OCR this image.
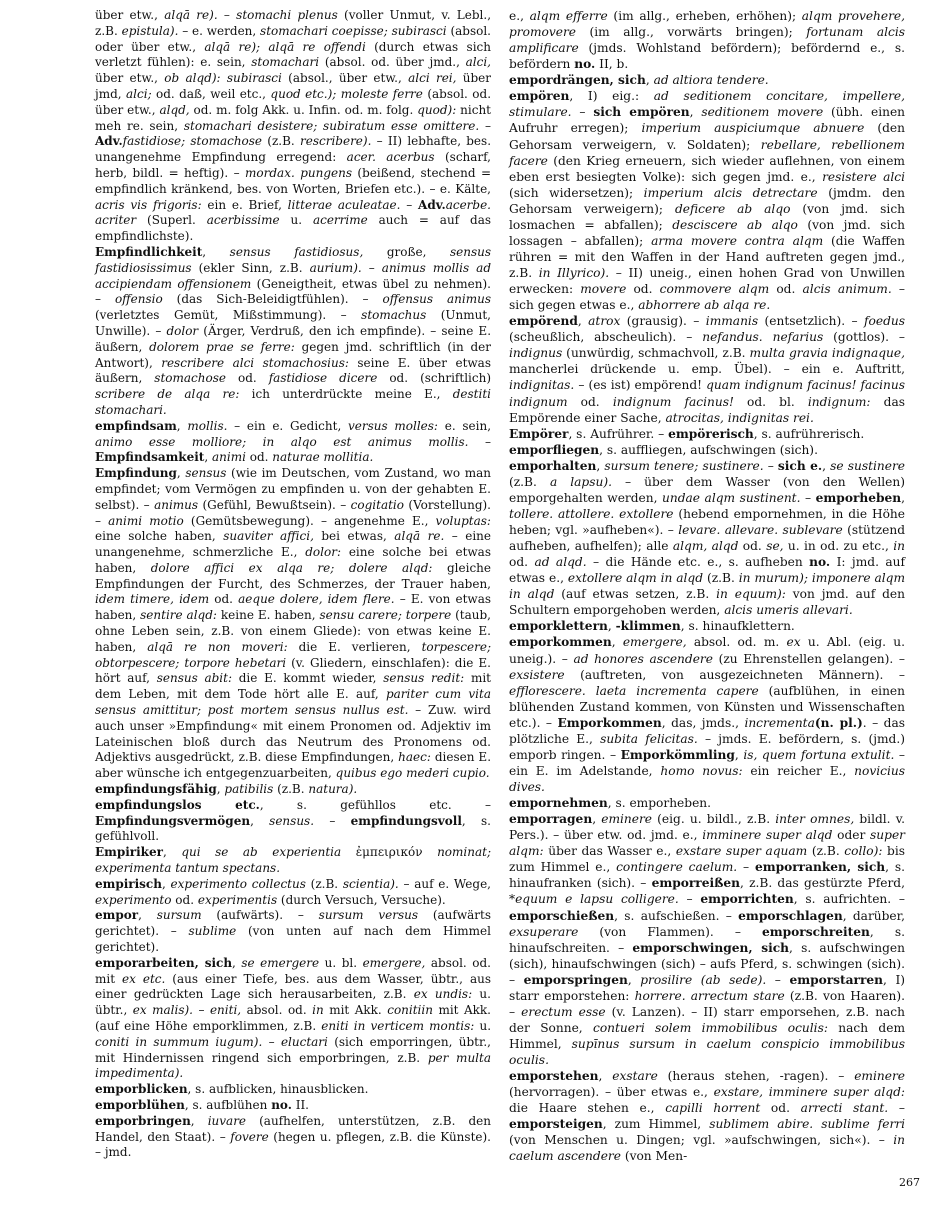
über etw., alqā re). – stomachi plenus (voller Unmut, v. Lebl., z.B. epistula). – e. werden, stomachari coepisse; subirasci (absol. oder über etw., alqā re); alqā re offendi (durch etwas sich verletzt fühlen): e. sein, stomachari (absol. od. über jmd., alci, über etw., ob alqd): subirasci (absol., über etw., alci rei, über jmd, alci; od. daß, weil etc., quod etc.); moleste ferre (absol. od. über etw., alqd, od. m. folg Akk. u. Infin. od. m. folg. quod): nicht meh re. sein, stomachari desistere; subiratum esse omittere. – Adv.fastidiose; stomachose (z.B. rescribere). – II) lebhafte, bes. unangenehme Empfindung erregend: acer. acerbus (scharf, herb, bildl. = heftig). – mordax. pungens (beißend, stechend = empfindlich kränkend, bes. von Worten, Briefen etc.). – e. Kälte, acris vis frigoris: ein e. Brief, litterae aculeatae. – Adv.acerbe. acriter (Superl. acerbissime u. acerrime auch = auf das empfindlichste).

Empfindlichkeit, sensus fastidiosus, große, sensus fastidiosissimus (ekler Sinn, z.B. aurium). – animus mollis ad accipiendam offensionem (Geneigtheit, etwas übel zu nehmen). – offensio (das Sich-Beleidigtfühlen). – offensus animus (verletztes Gemüt, Mißstimmung). – stomachus (Unmut, Unwille). – dolor (Ärger, Verdruß, den ich empfinde). – seine E. äußern, dolorem prae se ferre: gegen jmd. schriftlich (in der Antwort), rescribere alci stomachosius: seine E. über etwas äußern, stomachose od. fastidiose dicere od. (schriftlich) scribere de alqa re: ich unterdrückte meine E., destiti stomachari.

empfindsam, mollis. – ein e. Gedicht, versus molles: e. sein, animo esse molliore; in alqo est animus mollis. – Empfindsamkeit, animi od. naturae mollitia.

Empfindung, sensus (wie im Deutschen, vom Zustand, wo man empfindet; vom Vermögen zu empfinden u. von der gehabten E. selbst). – animus (Gefühl, Bewußtsein). – cogitatio (Vorstellung). – animi motio (Gemütsbewegung). – angenehme E., voluptas: eine solche haben, suaviter affici, bei etwas, alqā re. – eine unangenehme, schmerzliche E., dolor: eine solche bei etwas haben, dolore affici ex alqa re; dolere alqd: gleiche Empfindungen der Furcht, des Schmerzes, der Trauer haben, idem timere, idem od. aeque dolere, idem flere. – E. von etwas haben, sentire alqd: keine E. haben, sensu carere; torpere (taub, ohne Leben sein, z.B. von einem Gliede): von etwas keine E. haben, alqā re non moveri: die E. verlieren, torpescere; obtorpescere; torpore hebetari (v. Gliedern, einschlafen): die E. hört auf, sensus abit: die E. kommt wieder, sensus redit: mit dem Leben, mit dem Tode hört alle E. auf, pariter cum vita sensus amittitur; post mortem sensus nullus est. – Zuw. wird auch unser »Empfindung« mit einem Pronomen od. Adjektiv im Lateinischen bloß durch das Neutrum des Pronomens od. Adjektivs ausgedrückt, z.B. diese Empfindungen, haec: diesen E. aber wünsche ich entgegenzuarbeiten, quibus ego mederi cupio.

empfindungsfähig, patibilis (z.B. natura).

empfindungslos etc., s. gefühllos etc. – Empfindungsvermögen, sensus. – empfindungsvoll, s. gefühlvoll.

Empiriker, qui se ab experientia ἐμπειρικόν nominat; experimenta tantum spectans.

empirisch, experimento collectus (z.B. scientia). – auf e. Wege, experimento od. experimentis (durch Versuch, Versuche).

empor, sursum (aufwärts). – sursum versus (aufwärts gerichtet). – sublime (von unten auf nach dem Himmel gerichtet).

emporarbeiten, sich, se emergere u. bl. emergere, absol. od. mit ex etc. (aus einer Tiefe, bes. aus dem Wasser, übtr., aus einer gedrückten Lage sich herausarbeiten, z.B. ex undis: u. übtr., ex malis). – eniti, absol. od. in mit Akk. conitiin mit Akk. (auf eine Höhe emporklimmen, z.B. eniti in verticem montis: u. coniti in summum iugum). – eluctari (sich emporringen, übtr., mit Hindernissen ringend sich emporbringen, z.B. per multa impedimenta).

emporblicken, s. aufblicken, hinausblicken.

emporblühen, s. aufblühen no. II.

emporbringen, iuvare (aufhelfen, unterstützen, z.B. den Handel, den Staat). – fovere (hegen u. pflegen, z.B. die Künste). – jmd.

e., alqm efferre (im allg., erheben, erhöhen); alqm provehere, promovere (im allg., vorwärts bringen); fortunam alcis amplificare (jmds. Wohlstand befördern); befördernd e., s. befördern no. II, b.

empordrängen, sich, ad altiora tendere.

empören, I) eig.: ad seditionem concitare, impellere, stimulare. – sich empören, seditionem movere (übh. einen Aufruhr erregen); imperium auspiciumque abnuere (den Gehorsam verweigern, v. Soldaten); rebellare, rebellionem facere (den Krieg erneuern, sich wieder auflehnen, von einem eben erst besiegten Volke): sich gegen jmd. e., resistere alci (sich widersetzen); imperium alcis detrectare (jmdm. den Gehorsam verweigern); deficere ab alqo (von jmd. sich losmachen = abfallen); desciscere ab alqo (von jmd. sich lossagen – abfallen); arma movere contra alqm (die Waffen rühren = mit den Waffen in der Hand auftreten gegen jmd., z.B. in Illyrico). – II) uneig., einen hohen Grad von Unwillen erwecken: movere od. commovere alqm od. alcis animum. – sich gegen etwas e., abhorrere ab alqa re.

empörend, atrox (grausig). – immanis (entsetzlich). – foedus (scheußlich, abscheulich). – nefandus. nefarius (gottlos). – indignus (unwürdig, schmachvoll, z.B. multa gravia indignaque, mancherlei drückende u. emp. Übel). – ein e. Auftritt, indignitas. – (es ist) empörend! quam indignum facinus! facinus indignum od. indignum facinus! od. bl. indignum: das Empörende einer Sache, atrocitas, indignitas rei.

Empörer, s. Aufrührer. – empörerisch, s. aufrührerisch.

emporfliegen, s. auffliegen, aufschwingen (sich).

emporhalten, sursum tenere; sustinere. – sich e., se sustinere (z.B. a lapsu). – über dem Wasser (von den Wellen) emporgehalten werden, undae alqm sustinent. – emporheben, tollere. attollere. extollere (hebend empornehmen, in die Höhe heben; vgl. »aufheben«). – levare. allevare. sublevare (stützend aufheben, aufhelfen); alle alqm, alqd od. se, u. in od. zu etc., in od. ad alqd. – die Hände etc. e., s. aufheben no. I: jmd. auf etwas e., extollere alqm in alqd (z.B. in murum); imponere alqm in alqd (auf etwas setzen, z.B. in equum): von jmd. auf den Schultern emporgehoben werden, alcis umeris allevari.

emporklettern, -klimmen, s. hinaufklettern.

emporkommen, emergere, absol. od. m. ex u. Abl. (eig. u. uneig.). – ad honores ascendere (zu Ehrenstellen gelangen). – exsistere (auftreten, von ausgezeichneten Männern). – efflorescere. laeta incrementa capere (aufblühen, in einen blühenden Zustand kommen, von Künsten und Wissenschaften etc.). – Emporkommen, das, jmds., incrementa(n. pl.). – das plötzliche E., subita felicitas. – jmds. E. befördern, s. (jmd.) emporb ringen. – Emporkömmling, is, quem fortuna extulit. – ein E. im Adelstande, homo novus: ein reicher E., novicius dives.

empornehmen, s. emporheben.

emporragen, eminere (eig. u. bildl., z.B. inter omnes, bildl. v. Pers.). – über etw. od. jmd. e., imminere super alqd oder super alqm: über das Wasser e., exstare super aquam (z.B. collo): bis zum Himmel e., contingere caelum. – emporranken, sich, s. hinaufranken (sich). – emporreißen, z.B. das gestürzte Pferd, *equum e lapsu colligere. – emporrichten, s. aufrichten. – emporschießen, s. aufschießen. – emporschlagen, darüber, exsuperare (von Flammen). – emporschreiten, s. hinaufschreiten. – emporschwingen, sich, s. aufschwingen (sich), hinaufschwingen (sich) – aufs Pferd, s. schwingen (sich). – emporspringen, prosilire (ab sede). – emporstarren, I) starr emporstehen: horrere. arrectum stare (z.B. von Haaren). – erectum esse (v. Lanzen). – II) starr emporsehen, z.B. nach der Sonne, contueri solem immobilibus oculis: nach dem Himmel, supīnus sursum in caelum conspicio immobilibus oculis.

emporstehen, exstare (heraus stehen, -ragen). – eminere (hervorragen). – über etwas e., exstare, imminere super alqd: die Haare stehen e., capilli horrent od. arrecti stant. – emporsteigen, zum Himmel, sublimem abire. sublime ferri (von Menschen u. Dingen; vgl. »aufschwingen, sich«). – in caelum ascendere (von Men-

267
